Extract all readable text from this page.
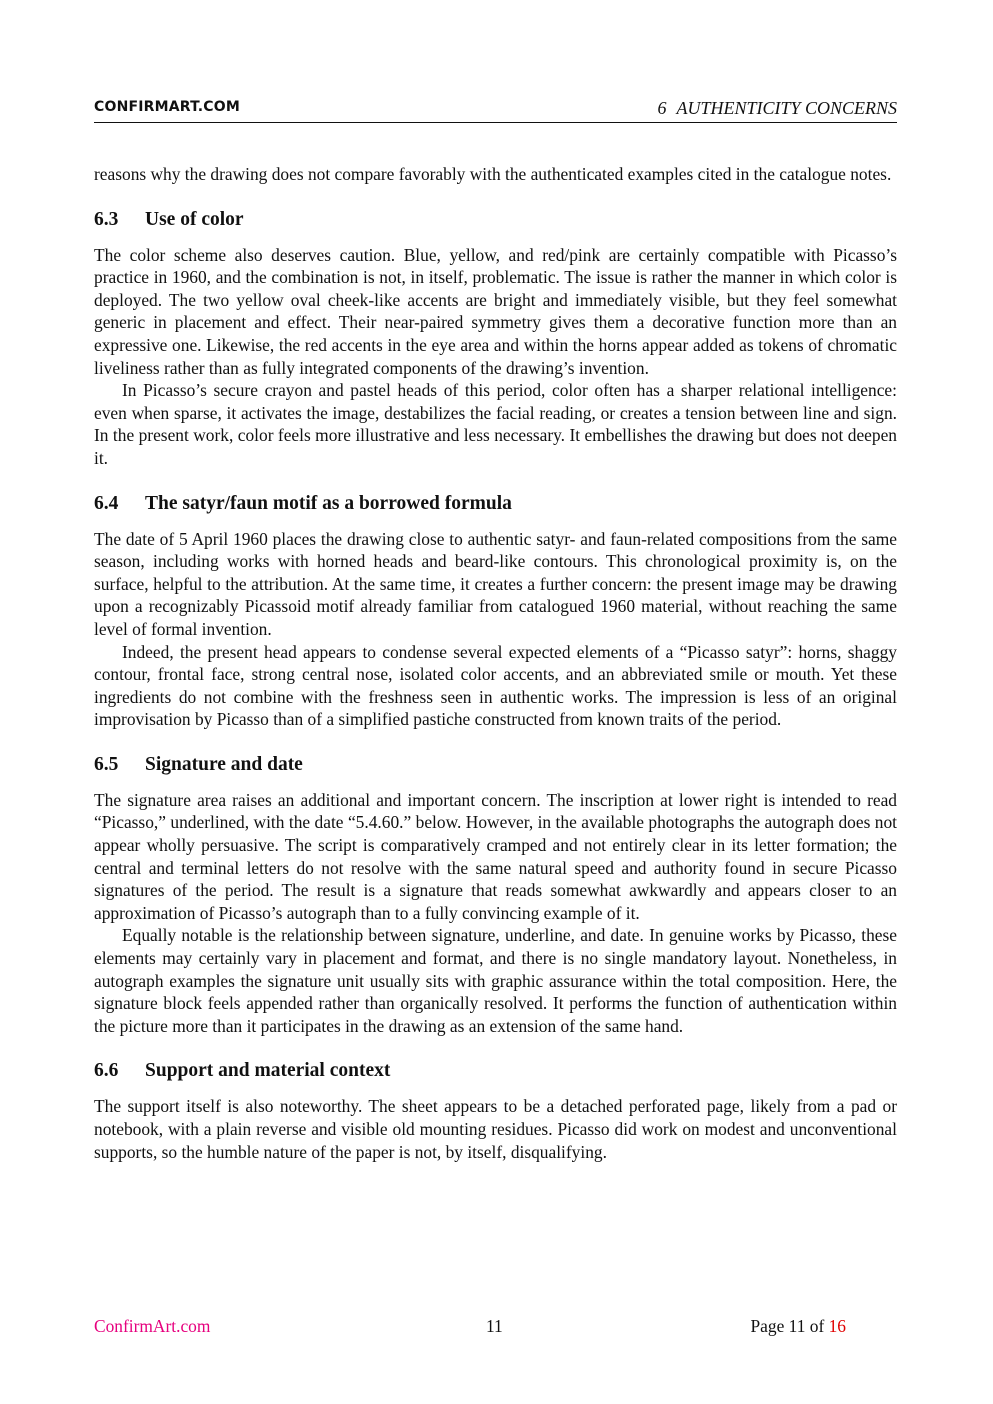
CONFIRMART.COM	6 AUTHENTICITY CONCERNS

reasons why the drawing does not compare favorably with the authenticated examples cited in the catalogue notes.

6.3 Use of color

The color scheme also deserves caution. Blue, yellow, and red/pink are certainly compatible with Picasso’s practice in 1960, and the combination is not, in itself, problematic. The issue is rather the manner in which color is deployed. The two yellow oval cheek-like accents are bright and immediately visible, but they feel somewhat generic in placement and effect. Their near-paired symmetry gives them a decorative function more than an expressive one. Likewise, the red accents in the eye area and within the horns appear added as tokens of chromatic liveliness rather than as fully integrated components of the drawing’s invention.

In Picasso’s secure crayon and pastel heads of this period, color often has a sharper relational intelligence: even when sparse, it activates the image, destabilizes the facial reading, or creates a tension between line and sign. In the present work, color feels more illustrative and less necessary. It embellishes the drawing but does not deepen it.

6.4 The satyr/faun motif as a borrowed formula

The date of 5 April 1960 places the drawing close to authentic satyr- and faun-related compositions from the same season, including works with horned heads and beard-like contours. This chronological proximity is, on the surface, helpful to the attribution. At the same time, it creates a further concern: the present image may be drawing upon a recognizably Picassoid motif already familiar from catalogued 1960 material, without reaching the same level of formal invention.

Indeed, the present head appears to condense several expected elements of a “Picasso satyr”: horns, shaggy contour, frontal face, strong central nose, isolated color accents, and an abbreviated smile or mouth. Yet these ingredients do not combine with the freshness seen in authentic works. The impression is less of an original improvisation by Picasso than of a simplified pastiche constructed from known traits of the period.

6.5 Signature and date

The signature area raises an additional and important concern. The inscription at lower right is intended to read “Picasso,” underlined, with the date “5.4.60.” below. However, in the available photographs the autograph does not appear wholly persuasive. The script is comparatively cramped and not entirely clear in its letter formation; the central and terminal letters do not resolve with the same natural speed and authority found in secure Picasso signatures of the period. The result is a signature that reads somewhat awkwardly and appears closer to an approximation of Picasso’s autograph than to a fully convincing example of it.

Equally notable is the relationship between signature, underline, and date. In genuine works by Picasso, these elements may certainly vary in placement and format, and there is no single mandatory layout. Nonetheless, in autograph examples the signature unit usually sits with graphic assurance within the total composition. Here, the signature block feels appended rather than organically resolved. It performs the function of authentication within the picture more than it participates in the drawing as an extension of the same hand.

6.6 Support and material context

The support itself is also noteworthy. The sheet appears to be a detached perforated page, likely from a pad or notebook, with a plain reverse and visible old mounting residues. Picasso did work on modest and unconventional supports, so the humble nature of the paper is not, by itself, disqualifying.

ConfirmArt.com	11	Page 11 of 16
